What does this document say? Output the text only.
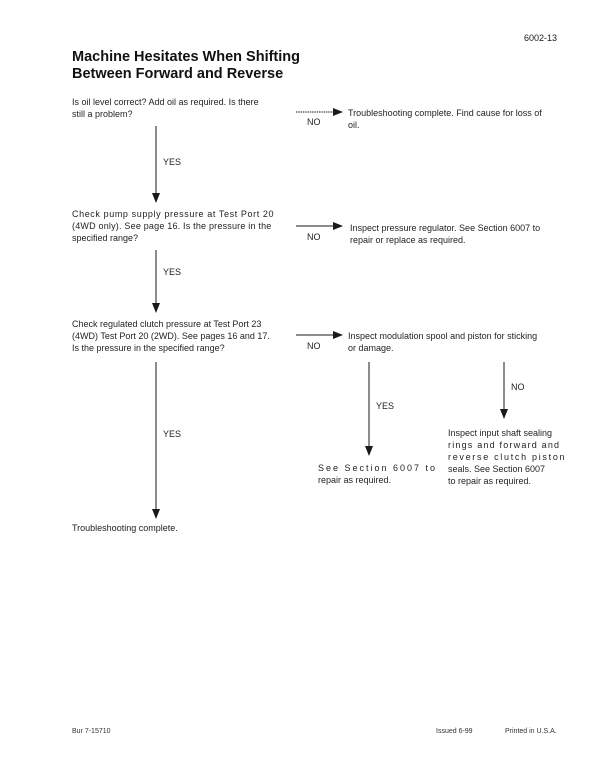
6002-13
Machine Hesitates When Shifting
Between Forward and Reverse
Is oil level correct? Add oil as required. Is there
still a problem?
NO
Troubleshooting complete. Find cause for loss of
oil.
YES
Check pump supply pressure at Test Port 20
(4WD only). See page 16. Is the pressure in the
specified range?	NO
Inspect pressure regulator. See Section 6007 to
repair or replace as required.
YES
Check regulated clutch pressure at Test Port 23
(4WD) Test Port 20 (2WD). See pages 16 and 17.
Is the pressure in the specified range?	NO
Inspect modulation spool and piston for sticking
or damage.
NO
YES
YES	Inspect input shaft sealing
rings and forward and
reverse clutch piston
seals. See Section 6007
to repair as required.
See Section 6007 to
repair as required.
Troubleshooting complete.
Bur 7-15710	Issued 6-99	Printed in U.S.A.
